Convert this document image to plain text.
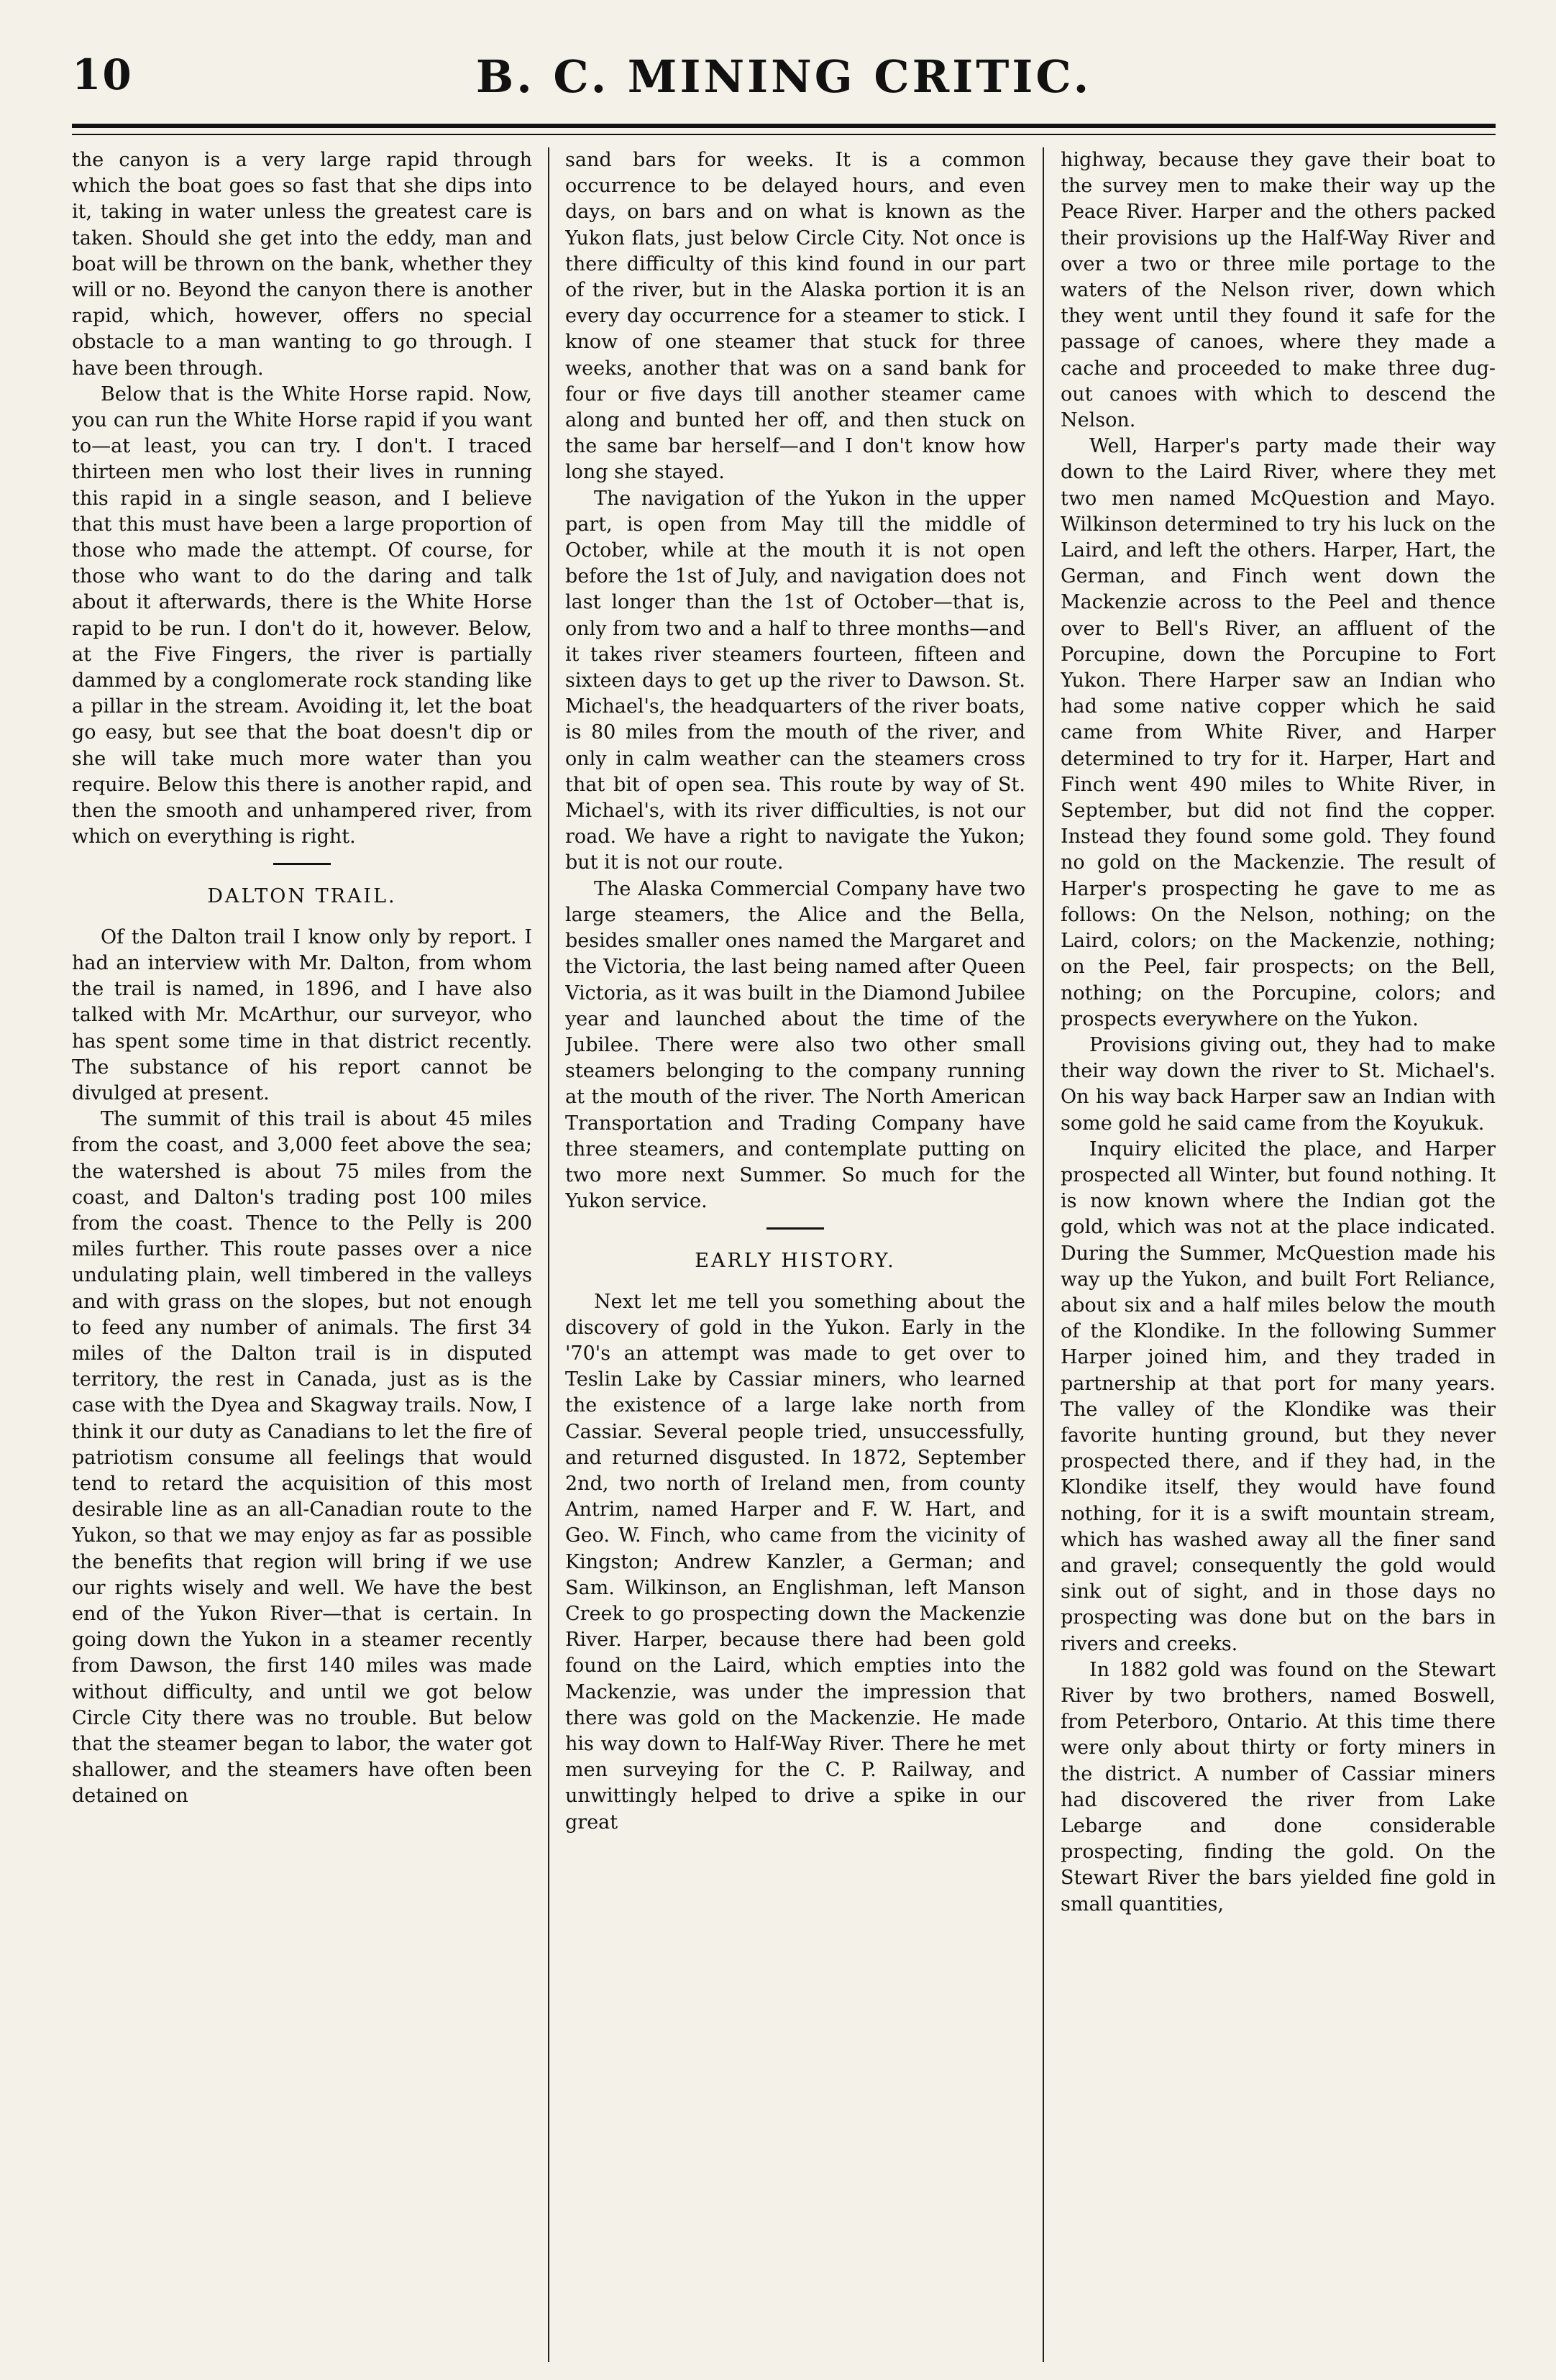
10	B. C. MINING CRITIC.

the canyon is a very large rapid through which the boat goes so fast that she dips into it, taking in water unless the greatest care is taken. Should she get into the eddy, man and boat will be thrown on the bank, whether they will or no. Beyond the canyon there is another rapid, which, however, offers no special obstacle to a man wanting to go through. I have been through.

Below that is the White Horse rapid. Now, you can run the White Horse rapid if you want to—at least, you can try. I don't. I traced thirteen men who lost their lives in running this rapid in a single season, and I believe that this must have been a large proportion of those who made the attempt. Of course, for those who want to do the daring and talk about it afterwards, there is the White Horse rapid to be run. I don't do it, however. Below, at the Five Fingers, the river is partially dammed by a conglomerate rock standing like a pillar in the stream. Avoiding it, let the boat go easy, but see that the boat doesn't dip or she will take much more water than you require. Below this there is another rapid, and then the smooth and unhampered river, from which on everything is right.

DALTON TRAIL.

Of the Dalton trail I know only by report. I had an interview with Mr. Dalton, from whom the trail is named, in 1896, and I have also talked with Mr. McArthur, our surveyor, who has spent some time in that district recently. The substance of his report cannot be divulged at present.

The summit of this trail is about 45 miles from the coast, and 3,000 feet above the sea; the watershed is about 75 miles from the coast, and Dalton's trading post 100 miles from the coast. Thence to the Pelly is 200 miles further. This route passes over a nice undulating plain, well timbered in the valleys and with grass on the slopes, but not enough to feed any number of animals. The first 34 miles of the Dalton trail is in disputed territory, the rest in Canada, just as is the case with the Dyea and Skagway trails. Now, I think it our duty as Canadians to let the fire of patriotism consume all feelings that would tend to retard the acquisition of this most desirable line as an all-Canadian route to the Yukon, so that we may enjoy as far as possible the benefits that region will bring if we use our rights wisely and well. We have the best end of the Yukon River—that is certain. In going down the Yukon in a steamer recently from Dawson, the first 140 miles was made without difficulty, and until we got below Circle City there was no trouble. But below that the steamer began to labor, the water got shallower, and the steamers have often been detained on

sand bars for weeks. It is a common occurrence to be delayed hours, and even days, on bars and on what is known as the Yukon flats, just below Circle City. Not once is there difficulty of this kind found in our part of the river, but in the Alaska portion it is an every day occurrence for a steamer to stick. I know of one steamer that stuck for three weeks, another that was on a sand bank for four or five days till another steamer came along and bunted her off, and then stuck on the same bar herself—and I don't know how long she stayed.

The navigation of the Yukon in the upper part, is open from May till the middle of October, while at the mouth it is not open before the 1st of July, and navigation does not last longer than the 1st of October—that is, only from two and a half to three months—and it takes river steamers fourteen, fifteen and sixteen days to get up the river to Dawson. St. Michael's, the headquarters of the river boats, is 80 miles from the mouth of the river, and only in calm weather can the steamers cross that bit of open sea. This route by way of St. Michael's, with its river difficulties, is not our road. We have a right to navigate the Yukon; but it is not our route.

The Alaska Commercial Company have two large steamers, the Alice and the Bella, besides smaller ones named the Margaret and the Victoria, the last being named after Queen Victoria, as it was built in the Diamond Jubilee year and launched about the time of the Jubilee. There were also two other small steamers belonging to the company running at the mouth of the river. The North American Transportation and Trading Company have three steamers, and contemplate putting on two more next Summer. So much for the Yukon service.

EARLY HISTORY.

Next let me tell you something about the discovery of gold in the Yukon. Early in the '70's an attempt was made to get over to Teslin Lake by Cassiar miners, who learned the existence of a large lake north from Cassiar. Several people tried, unsuccessfully, and returned disgusted. In 1872, September 2nd, two north of Ireland men, from county Antrim, named Harper and F. W. Hart, and Geo. W. Finch, who came from the vicinity of Kingston; Andrew Kanzler, a German; and Sam. Wilkinson, an Englishman, left Manson Creek to go prospecting down the Mackenzie River. Harper, because there had been gold found on the Laird, which empties into the Mackenzie, was under the impression that there was gold on the Mackenzie. He made his way down to Half-Way River. There he met men surveying for the C. P. Railway, and unwittingly helped to drive a spike in our great

highway, because they gave their boat to the survey men to make their way up the Peace River. Harper and the others packed their provisions up the Half-Way River and over a two or three mile portage to the waters of the Nelson river, down which they went until they found it safe for the passage of canoes, where they made a cache and proceeded to make three dug-out canoes with which to descend the Nelson.

Well, Harper's party made their way down to the Laird River, where they met two men named McQuestion and Mayo. Wilkinson determined to try his luck on the Laird, and left the others. Harper, Hart, the German, and Finch went down the Mackenzie across to the Peel and thence over to Bell's River, an affluent of the Porcupine, down the Porcupine to Fort Yukon. There Harper saw an Indian who had some native copper which he said came from White River, and Harper determined to try for it. Harper, Hart and Finch went 490 miles to White River, in September, but did not find the copper. Instead they found some gold. They found no gold on the Mackenzie. The result of Harper's prospecting he gave to me as follows: On the Nelson, nothing; on the Laird, colors; on the Mackenzie, nothing; on the Peel, fair prospects; on the Bell, nothing; on the Porcupine, colors; and prospects everywhere on the Yukon.

Provisions giving out, they had to make their way down the river to St. Michael's. On his way back Harper saw an Indian with some gold he said came from the Koyukuk.

Inquiry elicited the place, and Harper prospected all Winter, but found nothing. It is now known where the Indian got the gold, which was not at the place indicated. During the Summer, McQuestion made his way up the Yukon, and built Fort Reliance, about six and a half miles below the mouth of the Klondike. In the following Summer Harper joined him, and they traded in partnership at that port for many years. The valley of the Klondike was their favorite hunting ground, but they never prospected there, and if they had, in the Klondike itself, they would have found nothing, for it is a swift mountain stream, which has washed away all the finer sand and gravel; consequently the gold would sink out of sight, and in those days no prospecting was done but on the bars in rivers and creeks.

In 1882 gold was found on the Stewart River by two brothers, named Boswell, from Peterboro, Ontario. At this time there were only about thirty or forty miners in the district. A number of Cassiar miners had discovered the river from Lake Lebarge and done considerable prospecting, finding the gold. On the Stewart River the bars yielded fine gold in small quantities,
